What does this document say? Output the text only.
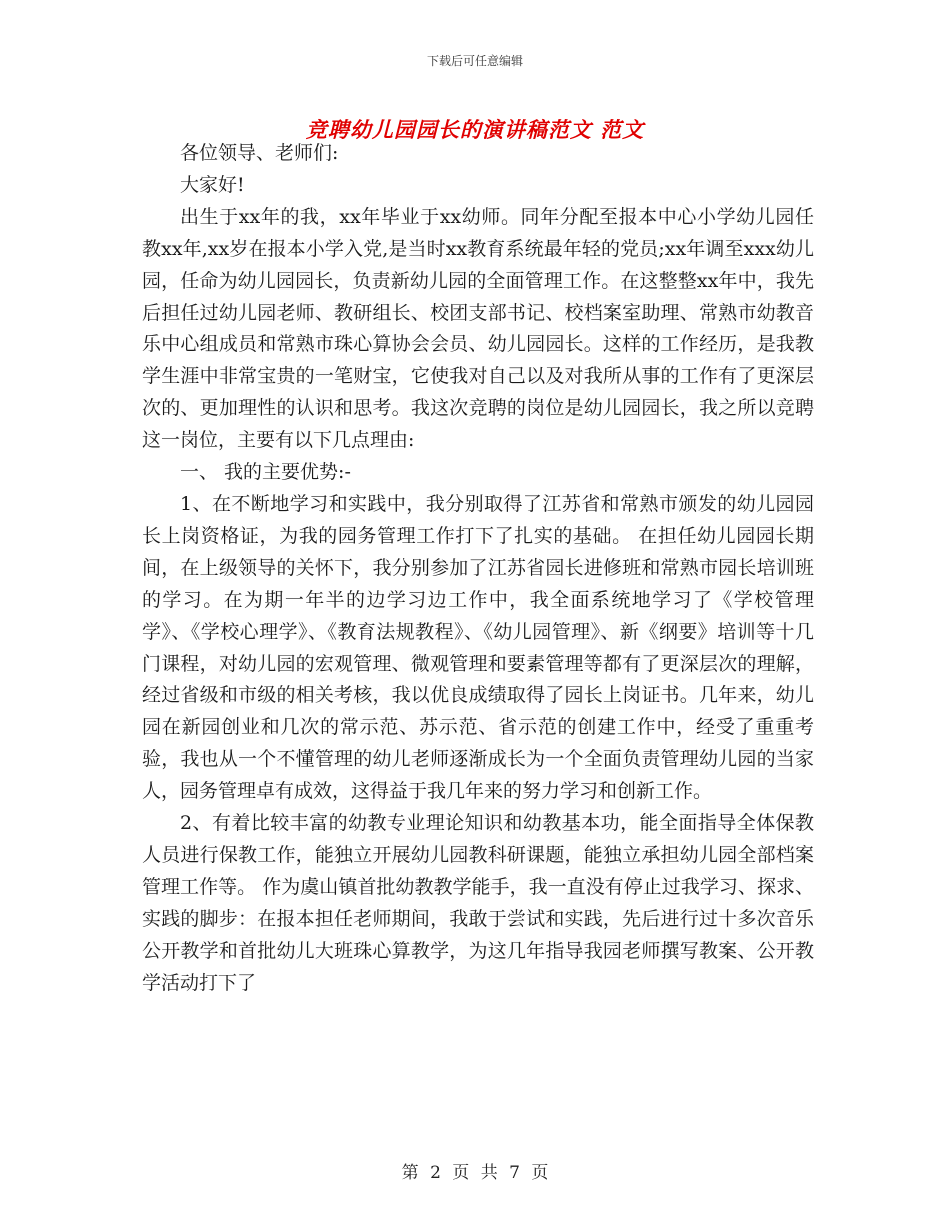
下载后可任意编辑
竞聘幼儿园园长的演讲稿范文 范文

各位领导、老师们:

大家好!

出生于xx年的我，xx年毕业于xx幼师。同年分配至报本中心小学幼儿园任教xx年,xx岁在报本小学入党,是当时xx教育系统最年轻的党员;xx年调至xxx幼儿园，任命为幼儿园园长，负责新幼儿园的全面管理工作。在这整整xx年中，我先后担任过幼儿园老师、教研组长、校团支部书记、校档案室助理、常熟市幼教音乐中心组成员和常熟市珠心算协会会员、幼儿园园长。这样的工作经历，是我教学生涯中非常宝贵的一笔财宝，它使我对自己以及对我所从事的工作有了更深层次的、更加理性的认识和思考。我这次竞聘的岗位是幼儿园园长，我之所以竞聘这一岗位，主要有以下几点理由:

一、 我的主要优势:-

1、在不断地学习和实践中，我分别取得了江苏省和常熟市颁发的幼儿园园长上岗资格证，为我的园务管理工作打下了扎实的基础。 在担任幼儿园园长期间，在上级领导的关怀下，我分别参加了江苏省园长进修班和常熟市园长培训班的学习。在为期一年半的边学习边工作中，我全面系统地学习了《学校管理学》、《学校心理学》、《教育法规教程》、《幼儿园管理》、新《纲要》培训等十几门课程，对幼儿园的宏观管理、微观管理和要素管理等都有了更深层次的理解，经过省级和市级的相关考核，我以优良成绩取得了园长上岗证书。几年来，幼儿园在新园创业和几次的常示范、苏示范、省示范的创建工作中，经受了重重考验，我也从一个不懂管理的幼儿老师逐渐成长为一个全面负责管理幼儿园的当家人，园务管理卓有成效，这得益于我几年来的努力学习和创新工作。

2、有着比较丰富的幼教专业理论知识和幼教基本功，能全面指导全体保教人员进行保教工作，能独立开展幼儿园教科研课题，能独立承担幼儿园全部档案管理工作等。 作为虞山镇首批幼教教学能手，我一直没有停止过我学习、探求、实践的脚步：在报本担任老师期间，我敢于尝试和实践，先后进行过十多次音乐公开教学和首批幼儿大班珠心算教学，为这几年指导我园老师撰写教案、公开教学活动打下了

第 2 页 共 7 页
